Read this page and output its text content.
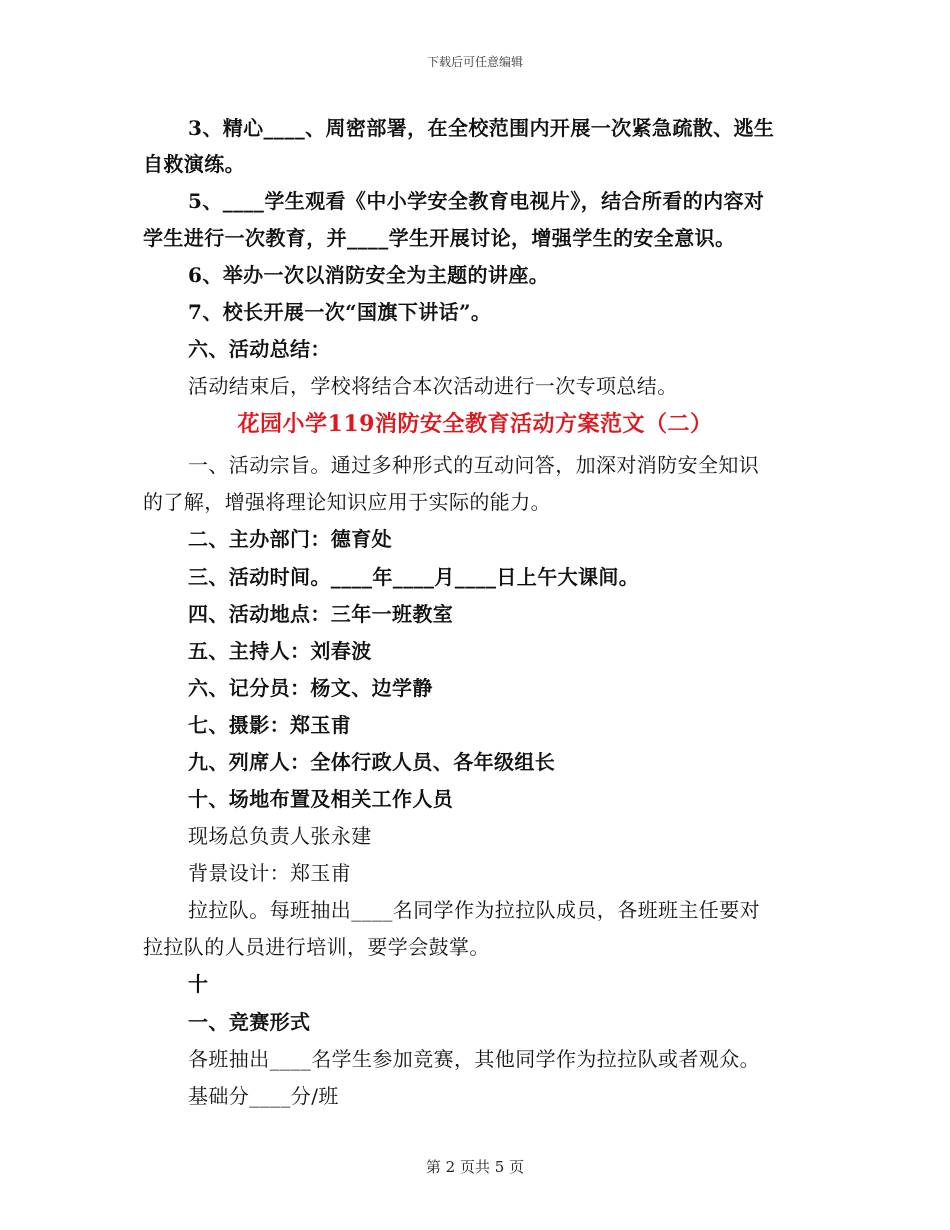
下载后可任意编辑
3、精心____、周密部署，在全校范围内开展一次紧急疏散、逃生
自救演练。
5、____学生观看《中小学安全教育电视片》，结合所看的内容对
学生进行一次教育，并____学生开展讨论，增强学生的安全意识。
6、举办一次以消防安全为主题的讲座。
7、校长开展一次“国旗下讲话”。
六、活动总结：
活动结束后，学校将结合本次活动进行一次专项总结。
花园小学119消防安全教育活动方案范文（二）
一、活动宗旨。通过多种形式的互动问答，加深对消防安全知识
的了解，增强将理论知识应用于实际的能力。
二、主办部门：德育处
三、活动时间。____年____月____日上午大课间。
四、活动地点：三年一班教室
五、主持人：刘春波
六、记分员：杨文、边学静
七、摄影：郑玉甫
九、列席人：全体行政人员、各年级组长
十、场地布置及相关工作人员
现场总负责人张永建
背景设计：郑玉甫
拉拉队。每班抽出____名同学作为拉拉队成员，各班班主任要对
拉拉队的人员进行培训，要学会鼓掌。
十
一、竞赛形式
各班抽出____名学生参加竞赛，其他同学作为拉拉队或者观众。
基础分____分/班
第 2 页共 5 页
